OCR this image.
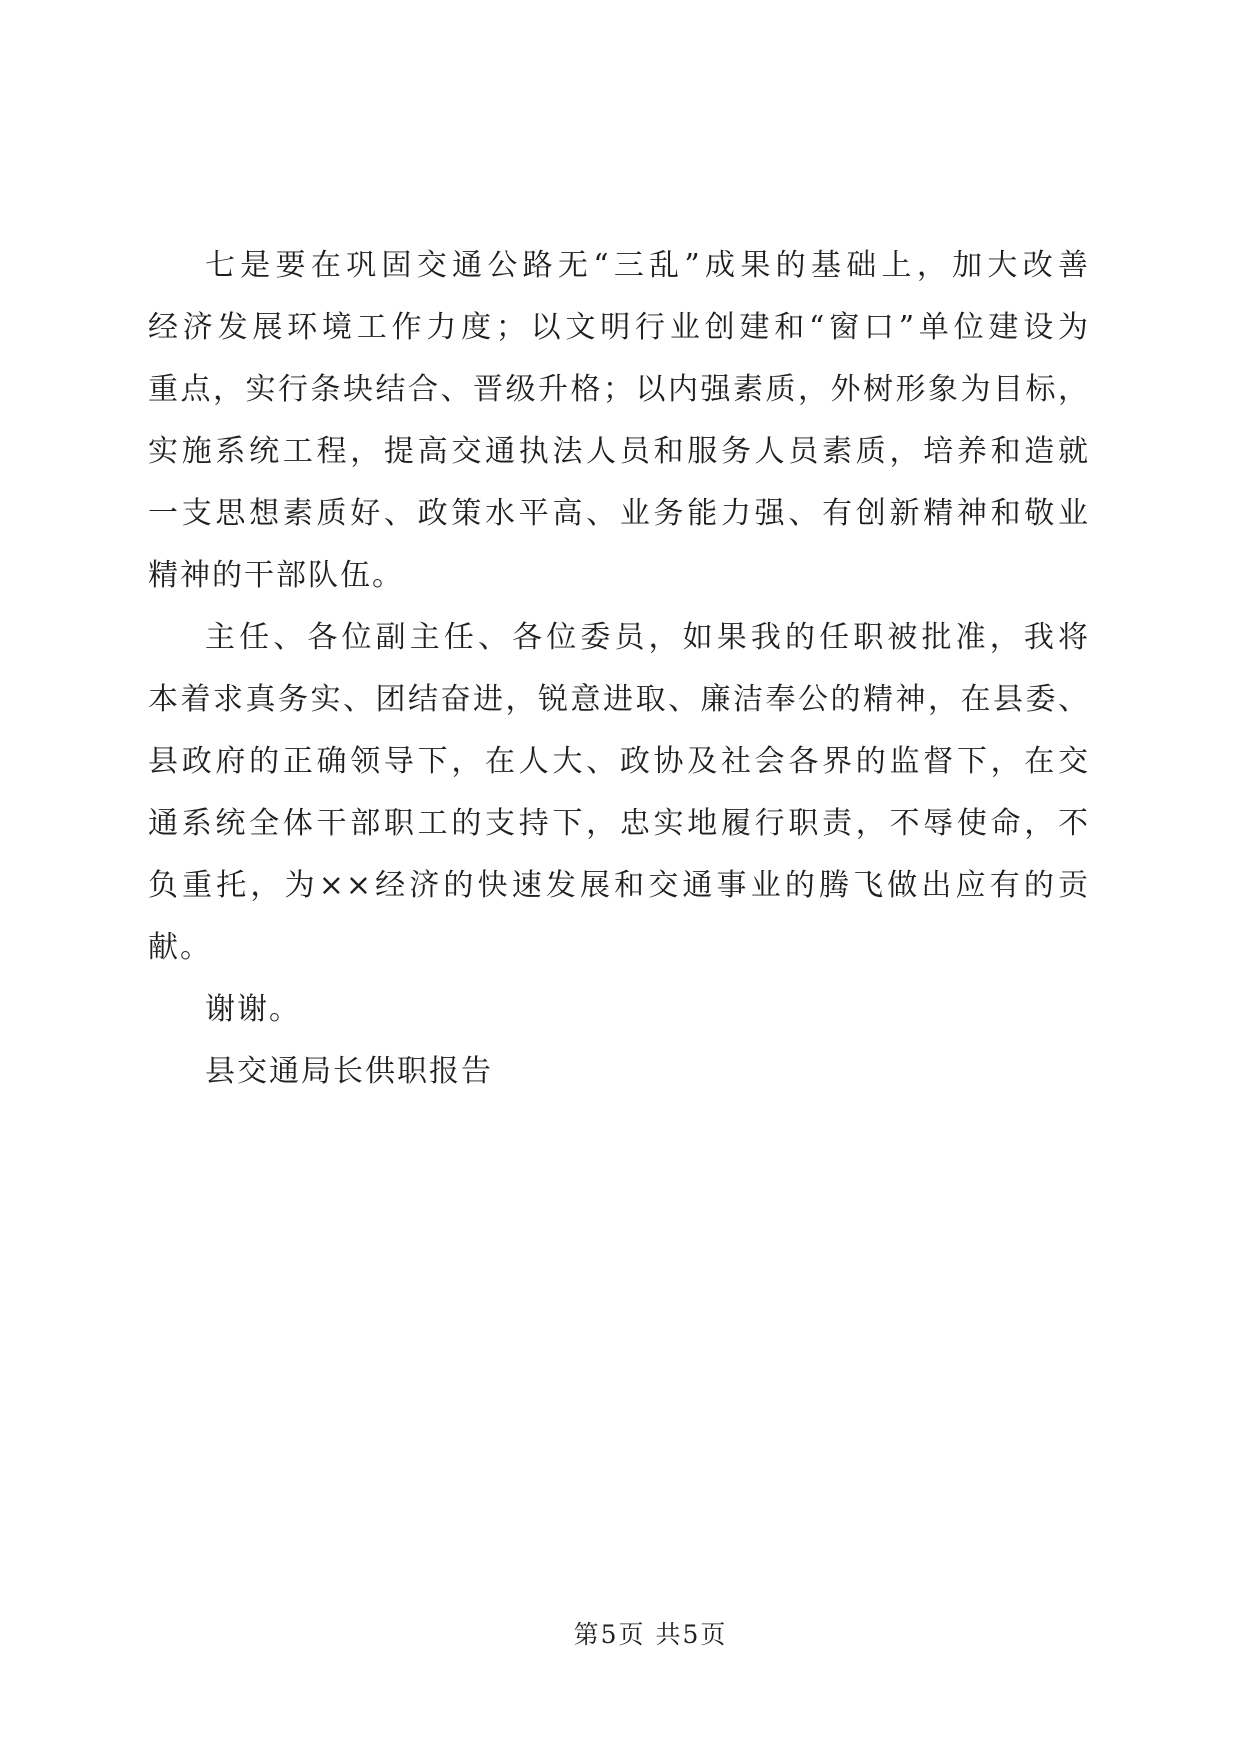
七是要在巩固交通公路无“三乱”成果的基础上，加大改善
经济发展环境工作力度；以文明行业创建和“窗口”单位建设为
重点，实行条块结合、晋级升格；以内强素质，外树形象为目标，
实施系统工程，提高交通执法人员和服务人员素质，培养和造就
一支思想素质好、政策水平高、业务能力强、有创新精神和敬业
精神的干部队伍。
主任、各位副主任、各位委员，如果我的任职被批准，我将
本着求真务实、团结奋进，锐意进取、廉洁奉公的精神，在县委、
县政府的正确领导下，在人大、政协及社会各界的监督下，在交
通系统全体干部职工的支持下，忠实地履行职责，不辱使命，不
负重托，为××经济的快速发展和交通事业的腾飞做出应有的贡
献。
谢谢。
县交通局长供职报告
第5页 共5页
